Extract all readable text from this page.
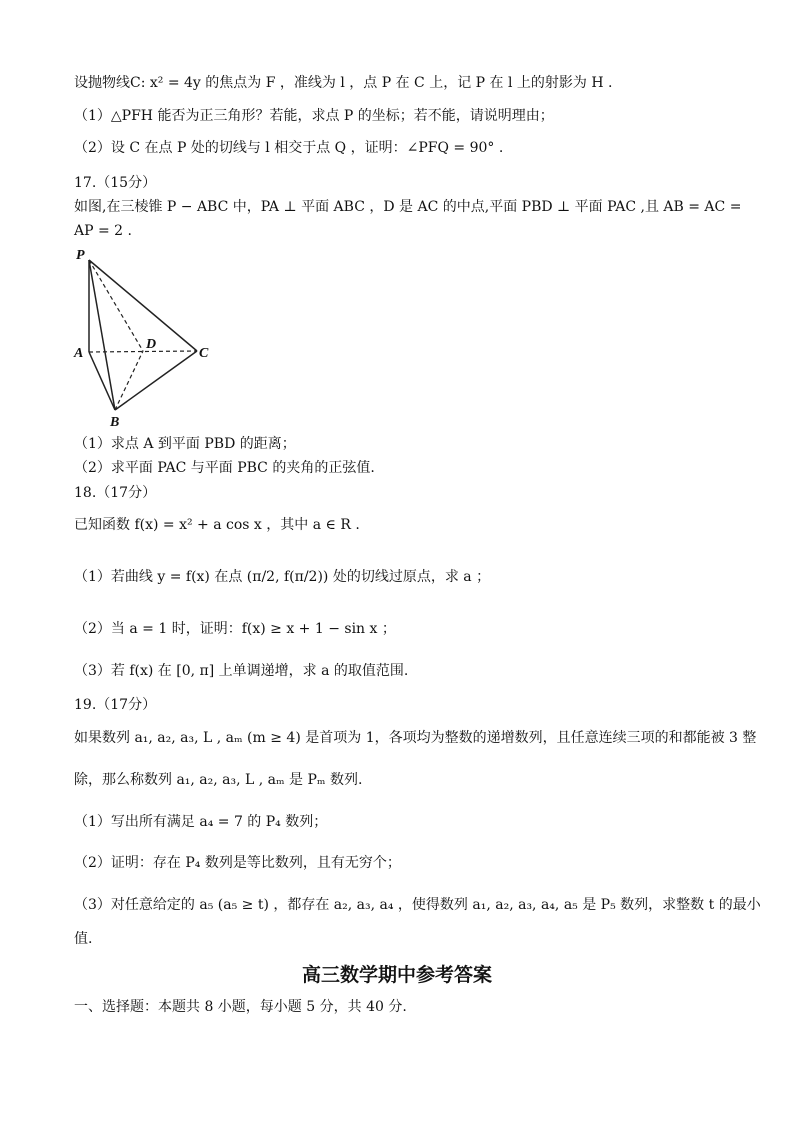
设抛物线C: x² = 4y 的焦点为 F ，准线为 l ，点 P 在 C 上，记 P 在 l 上的射影为 H .
（1）△PFH 能否为正三角形？若能，求点 P 的坐标；若不能，请说明理由；
（2）设 C 在点 P 处的切线与 l 相交于点 Q ，证明：∠PFQ = 90° .
17.（15分）
如图,在三棱锥 P − ABC 中，PA ⊥ 平面 ABC ，D 是 AC 的中点,平面 PBD ⊥ 平面 PAC ,且 AB = AC =
AP = 2 .
P
A
D
C
B
（1）求点 A 到平面 PBD 的距离；
（2）求平面 PAC 与平面 PBC 的夹角的正弦值.
18.（17分）
已知函数 f(x) = x² + a cos x ，其中 a ∈ R .
（1）若曲线 y = f(x) 在点 (π/2, f(π/2)) 处的切线过原点，求 a ；
（2）当 a = 1 时，证明：f(x) ≥ x + 1 − sin x ；
（3）若 f(x) 在 [0, π] 上单调递增，求 a 的取值范围.
19.（17分）
如果数列 a₁, a₂, a₃, L , aₘ (m ≥ 4) 是首项为 1，各项均为整数的递增数列，且任意连续三项的和都能被 3 整
除，那么称数列 a₁, a₂, a₃, L , aₘ 是 Pₘ 数列.
（1）写出所有满足 a₄ = 7 的 P₄ 数列；
（2）证明：存在 P₄ 数列是等比数列，且有无穷个；
（3）对任意给定的 a₅ (a₅ ≥ t) ，都存在 a₂, a₃, a₄ ，使得数列 a₁, a₂, a₃, a₄, a₅ 是 P₅ 数列，求整数 t 的最小
值.
高三数学期中参考答案
一、选择题：本题共 8 小题，每小题 5 分，共 40 分.
